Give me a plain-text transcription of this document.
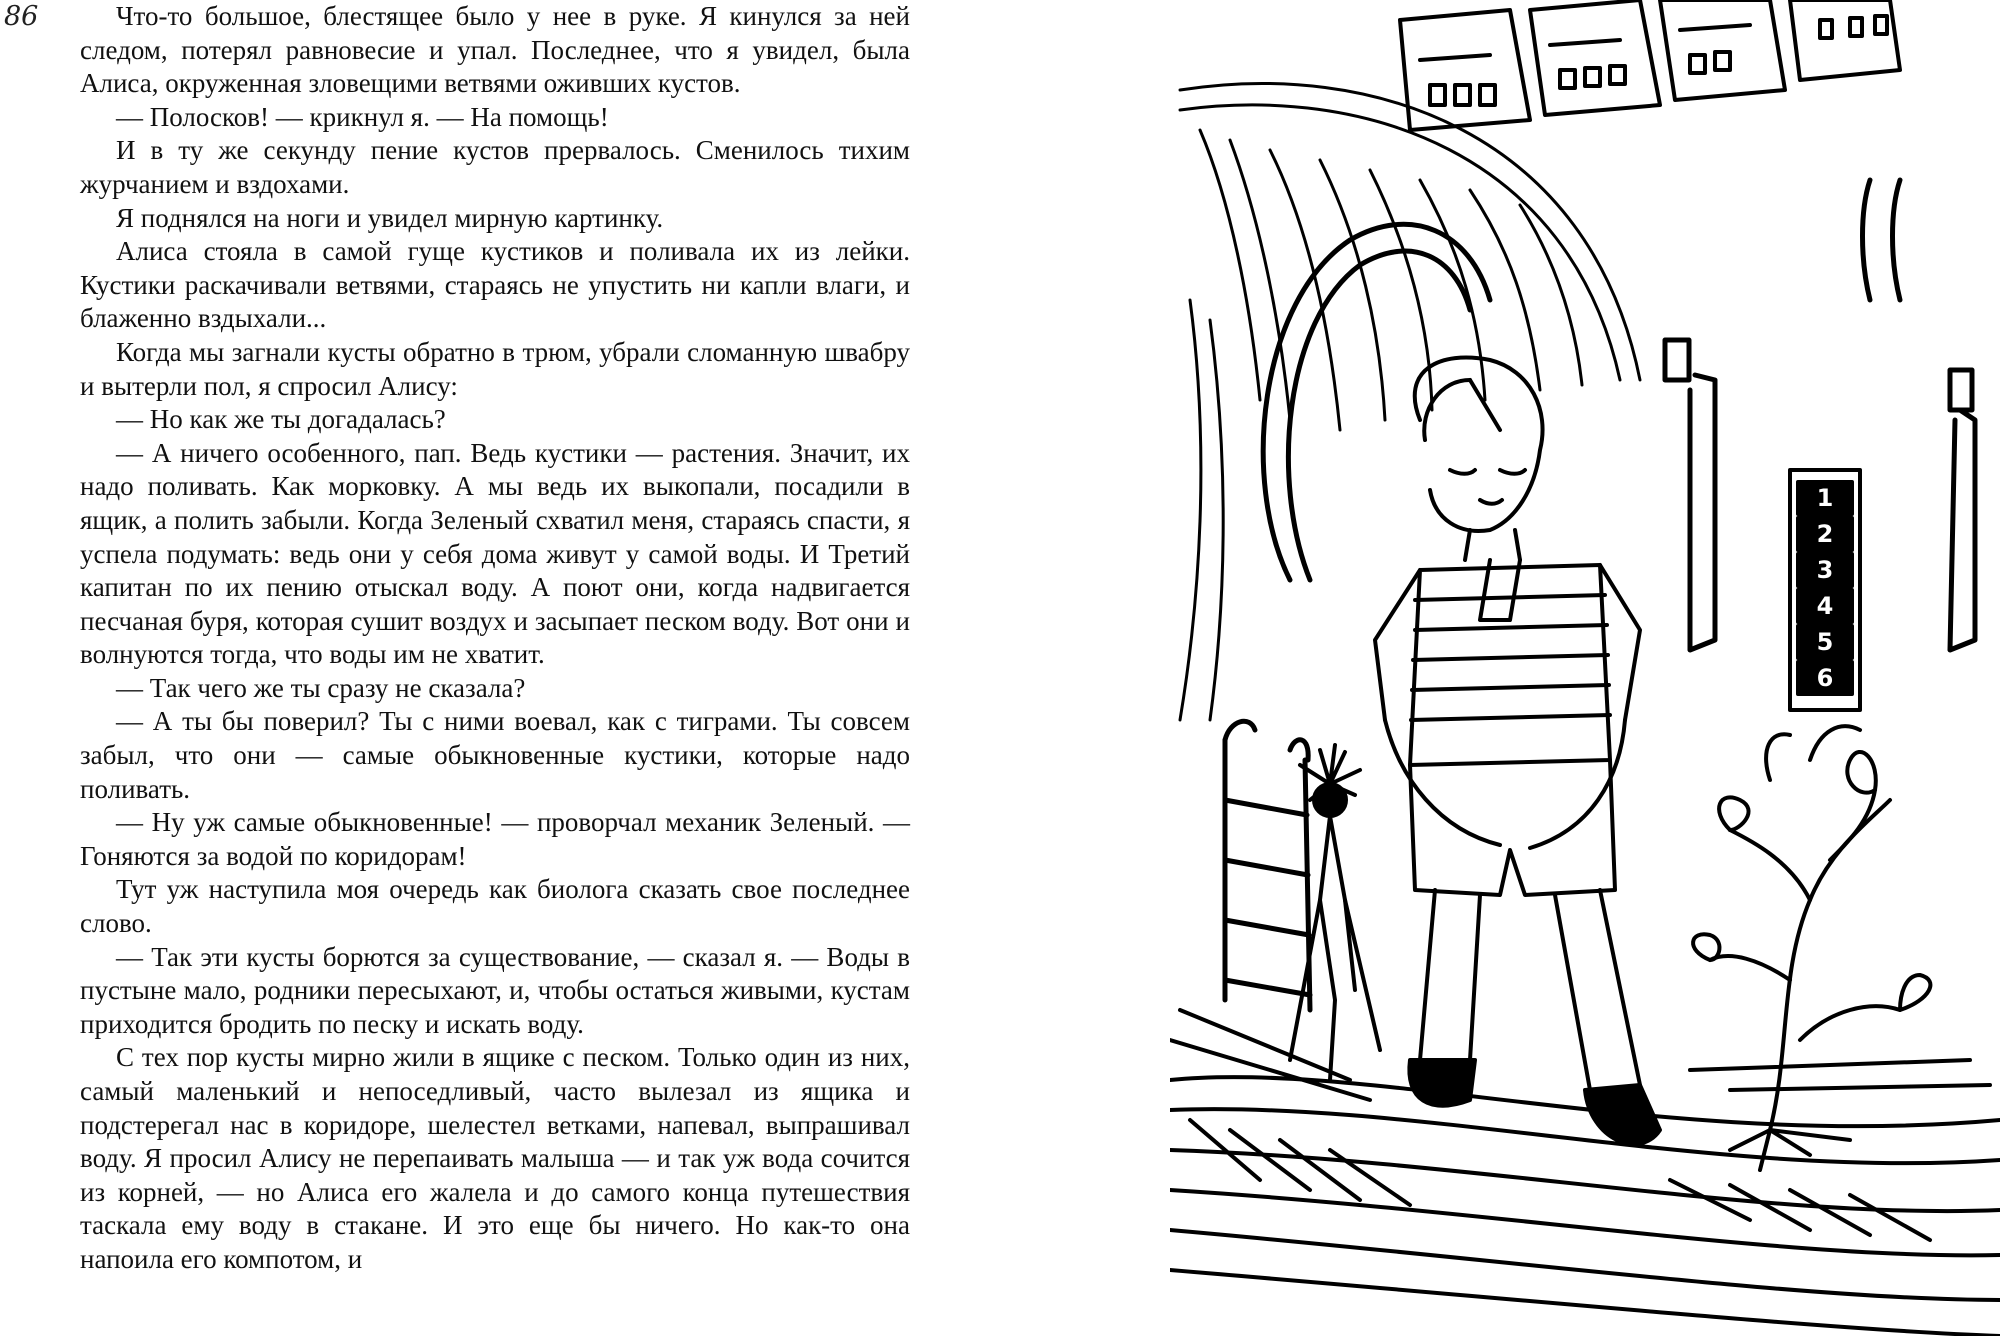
86	Что-то большое, блестящее было у нее в руке. Я кинулся за ней следом, потерял равновесие и упал. Последнее, что я увидел, была Алиса, окруженная зловещими ветвями оживших кустов.

— Полосков! — крикнул я. — На помощь!

И в ту же секунду пение кустов прервалось. Сменилось тихим журчанием и вздохами.

Я поднялся на ноги и увидел мирную картинку.

Алиса стояла в самой гуще кустиков и поливала их из лейки. Кустики раскачивали ветвями, стараясь не упустить ни капли влаги, и блаженно вздыхали...

Когда мы загнали кусты обратно в трюм, убрали сломанную швабру и вытерли пол, я спросил Алису:

— Но как же ты догадалась?

— А ничего особенного, пап. Ведь кустики — растения. Значит, их надо поливать. Как морковку. А мы ведь их выкопали, посадили в ящик, а полить забыли. Когда Зеленый схватил меня, стараясь спасти, я успела подумать: ведь они у себя дома живут у самой воды. И Третий капитан по их пению отыскал воду. А поют они, когда надвигается песчаная буря, которая сушит воздух и засыпает песком воду. Вот они и волнуются тогда, что воды им не хватит.

— Так чего же ты сразу не сказала?

— А ты бы поверил? Ты с ними воевал, как с тиграми. Ты совсем забыл, что они — самые обыкновенные кустики, которые надо поливать.

— Ну уж самые обыкновенные! — проворчал механик Зеленый. — Гоняются за водой по коридорам!

Тут уж наступила моя очередь как биолога сказать свое последнее слово.

— Так эти кусты борются за существование, — сказал я. — Воды в пустыне мало, родники пересыхают, и, чтобы остаться живыми, кустам приходится бродить по песку и искать воду.

С тех пор кусты мирно жили в ящике с песком. Только один из них, самый маленький и непоседливый, часто вылезал из ящика и подстерегал нас в коридоре, шелестел ветками, напевал, выпрашивал воду. Я просил Алису не перепаивать малыша — и так уж вода сочится из корней, — но Алиса его жалела и до самого конца путешествия таскала ему воду в стакане. И это еще бы ничего. Но как-то она напоила его компотом, и

1
2
3
4
5
6
